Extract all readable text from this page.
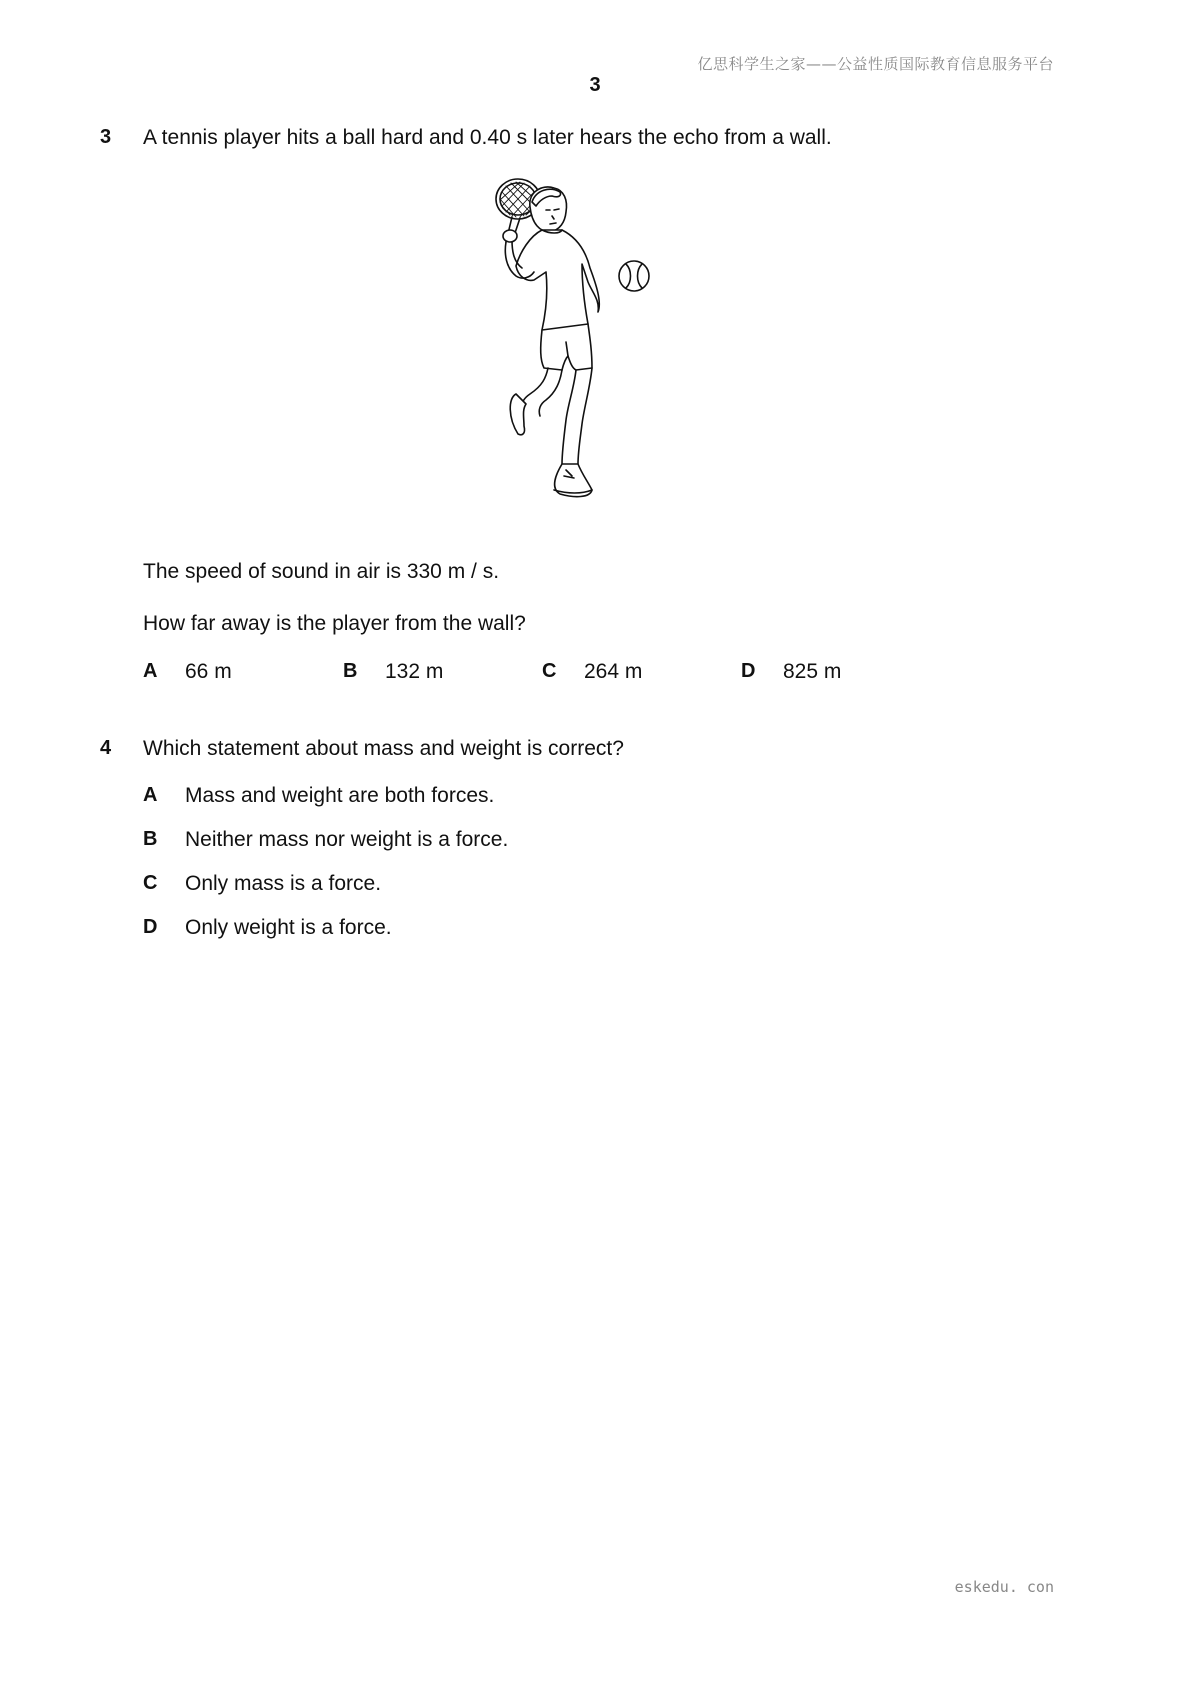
亿思科学生之家——公益性质国际教育信息服务平台
3
3 A tennis player hits a ball hard and 0.40 s later hears the echo from a wall.
The speed of sound in air is 330 m / s.
How far away is the player from the wall?
A 66 m	B 132 m	C 264 m	D 825 m
4 Which statement about mass and weight is correct?
A Mass and weight are both forces.
B Neither mass nor weight is a force.
C Only mass is a force.
D Only weight is a force.
eskedu. con
